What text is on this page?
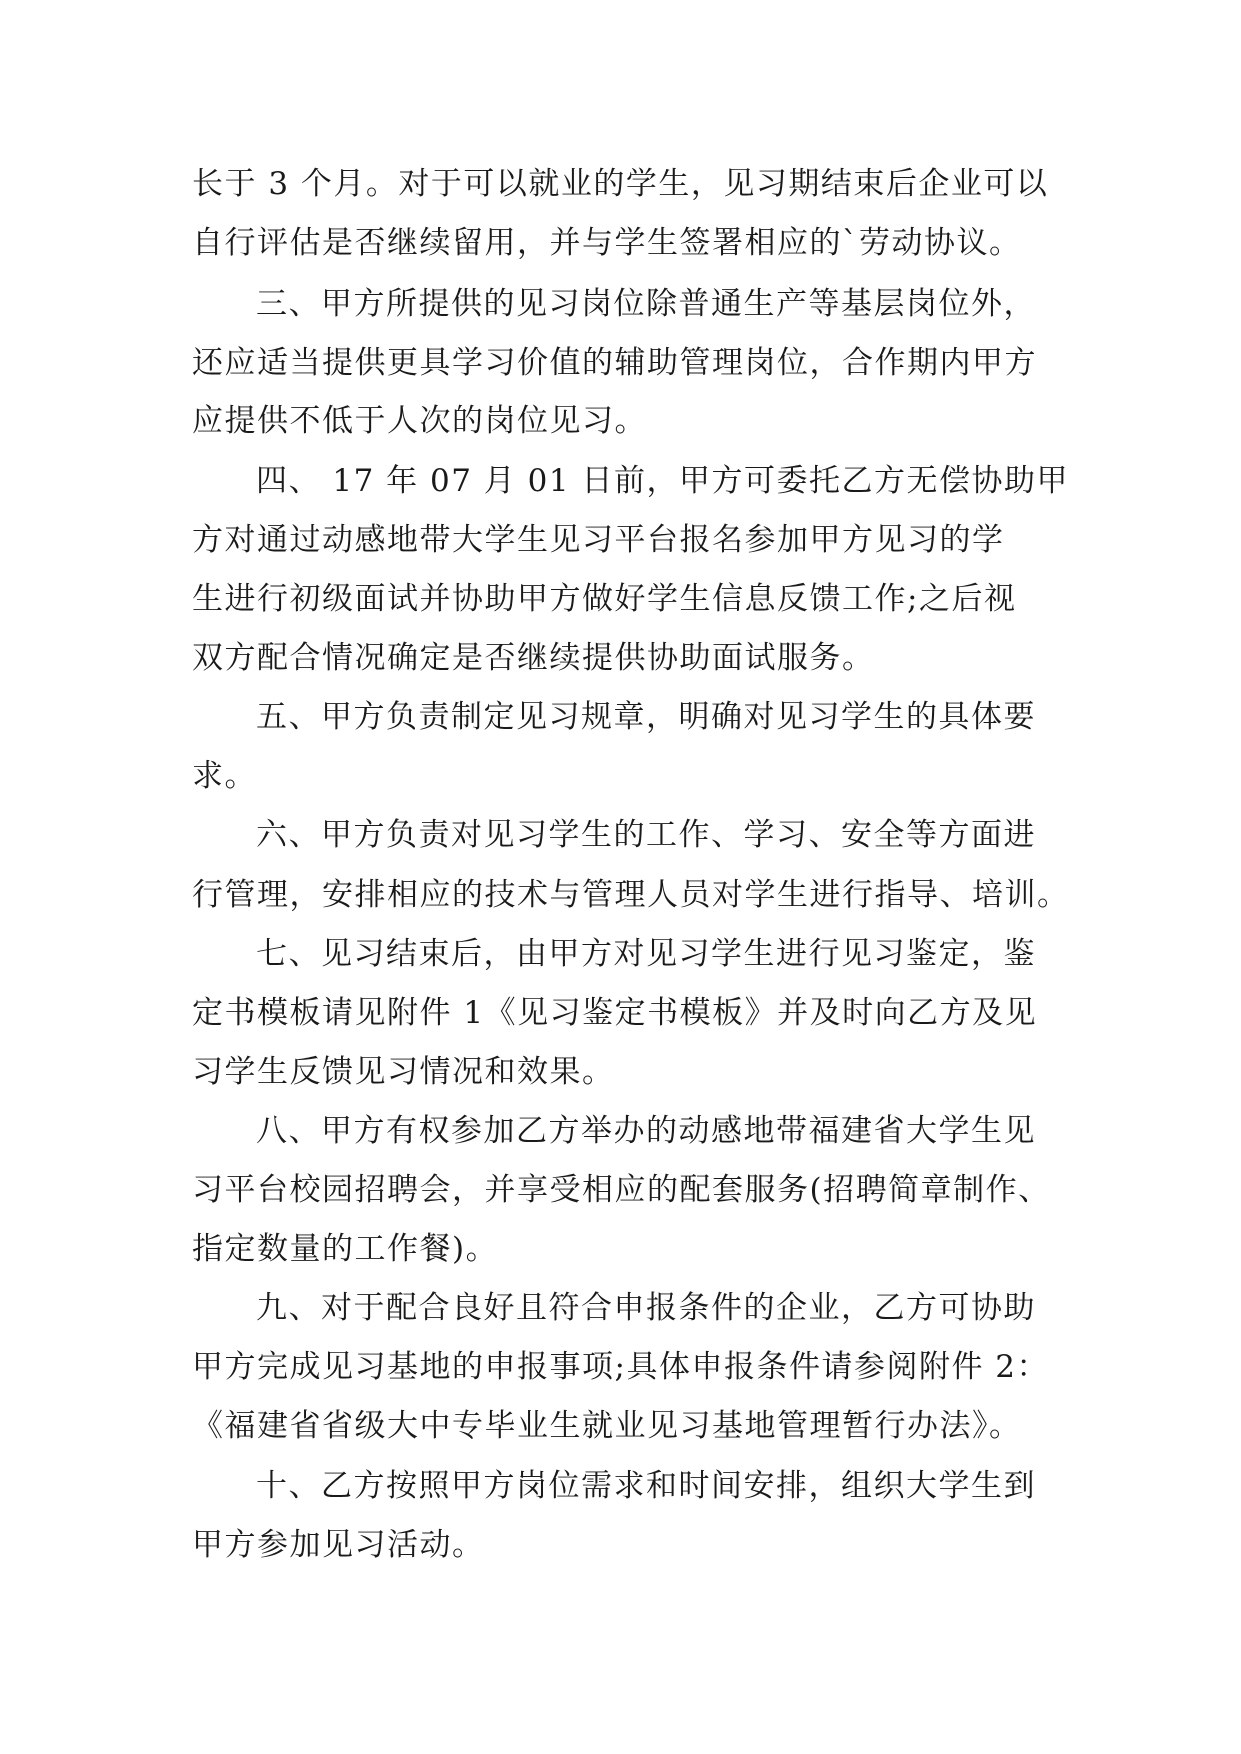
长于 3 个月。对于可以就业的学生，见习期结束后企业可以
自行评估是否继续留用，并与学生签署相应的`劳动协议。
三、甲方所提供的见习岗位除普通生产等基层岗位外，
还应适当提供更具学习价值的辅助管理岗位，合作期内甲方
应提供不低于人次的岗位见习。
四、 17 年 07 月 01 日前，甲方可委托乙方无偿协助甲
方对通过动感地带大学生见习平台报名参加甲方见习的学
生进行初级面试并协助甲方做好学生信息反馈工作;之后视
双方配合情况确定是否继续提供协助面试服务。
五、甲方负责制定见习规章，明确对见习学生的具体要
求。
六、甲方负责对见习学生的工作、学习、安全等方面进
行管理，安排相应的技术与管理人员对学生进行指导、培训。
七、见习结束后，由甲方对见习学生进行见习鉴定，鉴
定书模板请见附件 1《见习鉴定书模板》并及时向乙方及见
习学生反馈见习情况和效果。
八、甲方有权参加乙方举办的动感地带福建省大学生见
习平台校园招聘会，并享受相应的配套服务(招聘简章制作、
指定数量的工作餐)。
九、对于配合良好且符合申报条件的企业，乙方可协助
甲方完成见习基地的申报事项;具体申报条件请参阅附件 2：
《福建省省级大中专毕业生就业见习基地管理暂行办法》。
十、乙方按照甲方岗位需求和时间安排，组织大学生到
甲方参加见习活动。
